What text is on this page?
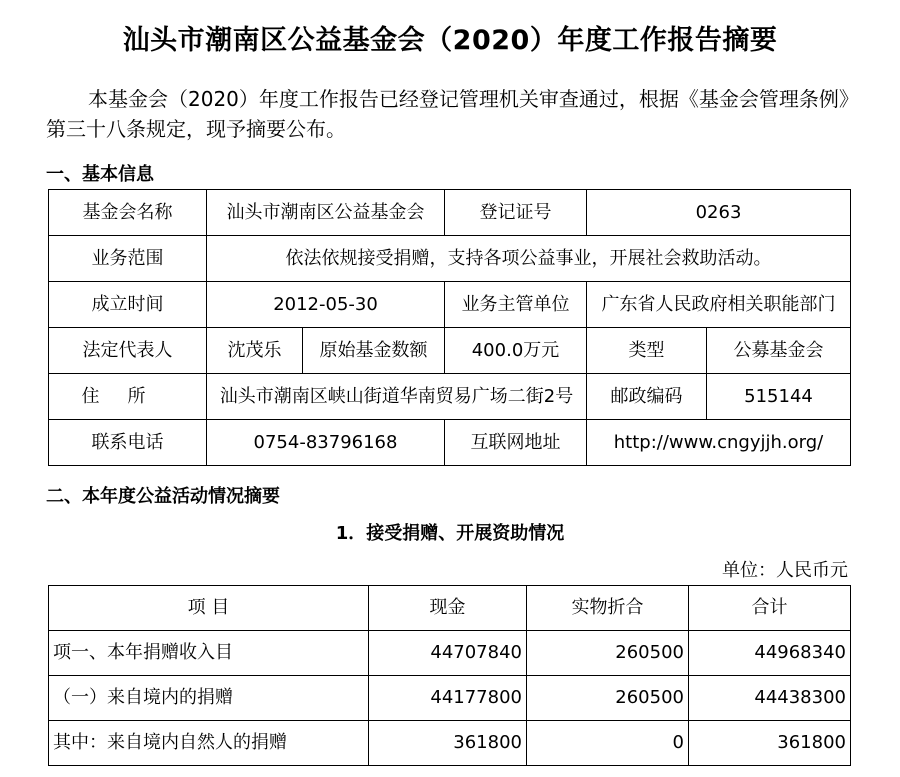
汕头市潮南区公益基金会（2020）年度工作报告摘要
本基金会（2020）年度工作报告已经登记管理机关审查通过，根据《基金会管理条例》第三十八条规定，现予摘要公布。
一、基本信息
基金会名称	汕头市潮南区公益基金会		登记证号	0263	
业务范围	依法依规接受捐赠，支持各项公益事业，开展社会救助活动。				
成立时间	2012-05-30		业务主管单位	广东省人民政府相关职能部门	
法定代表人	沈茂乐	原始基金数额	400.0万元	类型	公募基金会
住所	汕头市潮南区峡山街道华南贸易广场二街2号			邮政编码	515144
联系电话	0754-83796168		互联网地址	http://www.cngyjjh.org/	
二、本年度公益活动情况摘要
1．接受捐赠、开展资助情况
单位：人民币元
项 目	现金	实物折合	合计
项一、本年捐赠收入目	44707840	260500	44968340
（一）来自境内的捐赠	44177800	260500	44438300
其中：来自境内自然人的捐赠	361800	0	361800
